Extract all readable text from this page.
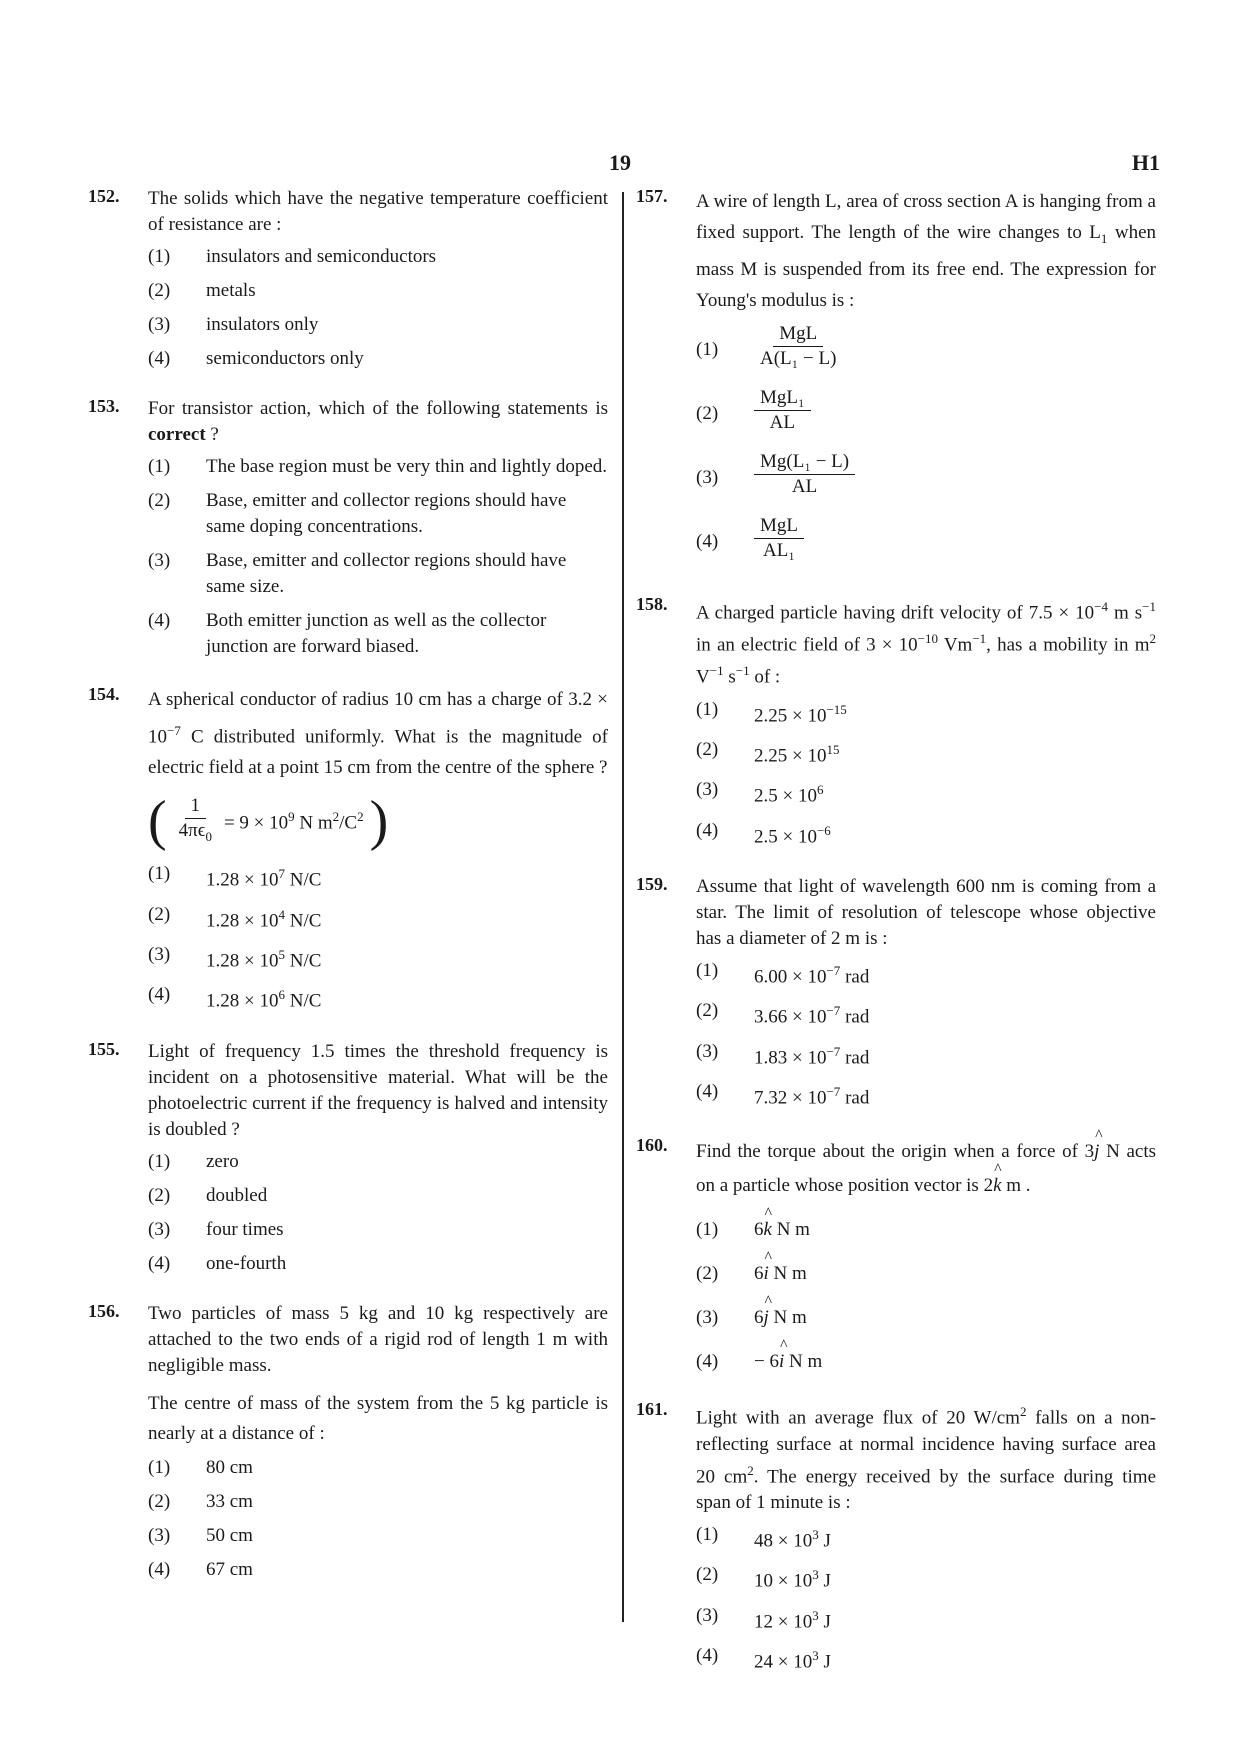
19	H1
152. The solids which have the negative temperature coefficient of resistance are :
(1) insulators and semiconductors
(2) metals
(3) insulators only
(4) semiconductors only
153. For transistor action, which of the following statements is correct ?
(1) The base region must be very thin and lightly doped.
(2) Base, emitter and collector regions should have same doping concentrations.
(3) Base, emitter and collector regions should have same size.
(4) Both emitter junction as well as the collector junction are forward biased.
154. A spherical conductor of radius 10 cm has a charge of $3.2 \times 10^{-7}$ C distributed uniformly. What is the magnitude of electric field at a point 15 cm from the centre of the sphere ?
( $\frac{1}{4\pi\epsilon_0} = 9 \times 10^9$ N $m^2/C^2$ )
(1) $1.28 \times 10^7$ N/C
(2) $1.28 \times 10^4$ N/C
(3) $1.28 \times 10^5$ N/C
(4) $1.28 \times 10^6$ N/C
155. Light of frequency 1.5 times the threshold frequency is incident on a photosensitive material. What will be the photoelectric current if the frequency is halved and intensity is doubled ?
(1) zero
(2) doubled
(3) four times
(4) one-fourth
156. Two particles of mass 5 kg and 10 kg respectively are attached to the two ends of a rigid rod of length 1 m with negligible mass.
The centre of mass of the system from the 5 kg particle is nearly at a distance of :
(1) 80 cm
(2) 33 cm
(3) 50 cm
(4) 67 cm
157. A wire of length L, area of cross section A is hanging from a fixed support. The length of the wire changes to $L_1$ when mass M is suspended from its free end. The expression for Young's modulus is :
$(1) \frac{\text{MgL}}{\text{A(L₁ − L)}}$
$(2) \frac{\text{MgL₁}}{AL}$
$(3) \frac{\text{Mg(L₁ − L)}}{AL}$
$(4) \frac{\text{MgL}}{\text{AL₁}}$
158. A charged particle having drift velocity of $7.5 \times 10^{-4}$ m $s^{-1}$ in an electric field of $3 \times 10^{-10}$ $Vm^{-1}$, has a mobility in $m^2$ $V^{-1}$ $s^{-1}$ of :
(1) $2.25 \times 10^{-15}$
(2) $2.25 \times 10^{15}$
(3) $2.5 \times 10^6$
(4) $2.5 \times 10^{-6}$
159. Assume that light of wavelength 600 nm is coming from a star. The limit of resolution of telescope whose objective has a diameter of 2 m is :
(1) $6.00 \times 10^{-7}$ rad
(2) $3.66 \times 10^{-7}$ rad
(3) $1.83 \times 10^{-7}$ rad
(4) $7.32 \times 10^{-7}$ rad
160. Find the torque about the origin when a force of 3^ j N acts on a particle whose position vector is 2^ k m .
(1) 6^ k N m
(2) 6^ i N m
(3) 6^ j N m
(4) − 6^ i N m
161. Light with an average flux of 20 $W/cm^2$ falls on a non-reflecting surface at normal incidence having surface area 20 $cm^2$. The energy received by the surface during time span of 1 minute is :
(1) $48 \times 10^3$ J
(2) $10 \times 10^3$ J
(3) $12 \times 10^3$ J
(4) $24 \times 10^3$ J
